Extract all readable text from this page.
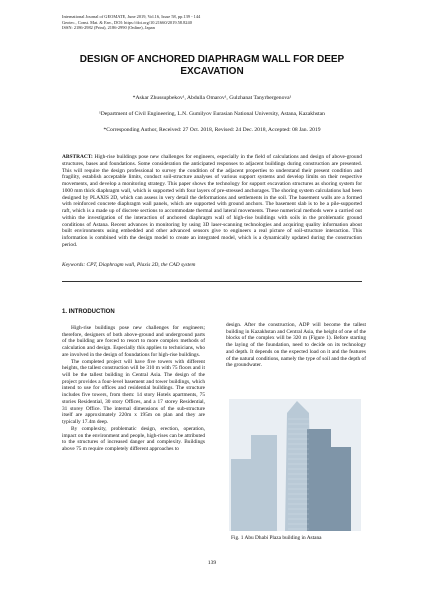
International Journal of GEOMATE, June 2019, Vol.16, Issue 58, pp.139 - 144
Geotec., Const. Mat. & Env., DOI: https://doi.org/10.21660/2019.58.8240
ISSN: 2186-2982 (Print), 2186-2990 (Online), Japan
DESIGN OF ANCHORED DIAPHRAGM WALL FOR DEEP EXCAVATION
*Askar Zhussupbekov¹, Abdulla Omarov¹, Gulzhanat Tanyrbergenova¹
¹Department of Civil Engineering, L.N. Gumilyov Eurasian National University, Astana, Kazakhstan
*Corresponding Author, Received: 27 Oct. 2018, Revised: 24 Dec. 2018, Accepted: 08 Jan. 2019
ABSTRACT: High-rise buildings pose new challenges for engineers, especially in the field of calculations and design of above-ground structures, bases and foundations. Some consideration the anticipated responses to adjacent buildings during construction are presented. This will require the design professional to survey the condition of the adjacent properties to understand their present condition and fragility, establish acceptable limits, conduct soil-structure analyses of various support systems and develop limits on their respective movements, and develop a monitoring strategy. This paper shows the technology for support excavation structures as shoring system for 1000 mm thick diaphragm wall, which is supported with four layers of pre-stressed anchorages. The shoring system calculations had been designed by PLAXIS 2D, which can assess in very detail the deformations and settlements in the soil. The basement walls are a formed with reinforced concrete diaphragm wall panels, which are supported with ground anchors. The basement slab is to be a pile-supported raft, which is a made up of discrete sections to accommodate thermal and lateral movements. These numerical methods were a carried out within the investigation of the interaction of anchored diaphragm wall of high-rise buildings with soils in the problematic ground conditions of Astana. Recent advances in monitoring by using 3D laser-scanning technologies and acquiring quality information about built environments using embedded and other advanced sensors give to engineers a real picture of soil-structure interaction. This information is combined with the design model to create an integrated model, which is a dynamically updated during the construction period.
Keywords: CPT, Diaphragm wall, Plaxis 2D, the CAD system
1. INTRODUCTION

High-rise buildings pose new challenges for engineers; therefore, designers of both above-ground and underground parts of the building are forced to resort to more complex methods of calculation and design. Especially this applies to technicians, who are involved in the design of foundations for high-rise buildings.

The completed project will have five towers with different heights, the tallest construction will be 310 m with 75 floors and it will be the tallest building in Central Asia. The design of the project provides a four-level basement and tower buildings, which intend to use for offices and residential buildings. The structure includes five towers, from them: 14 story Hotels apartments, 75 stories Residential, 30 story Offices, and a 17 storey Residential, 31 storey Office. The internal dimensions of the sub-structure itself are approximately 220m x 195m on plan and they are typically 17.4m deep.

By complexity, problematic design, erection, operation, impact on the environment and people, high-rises can be attributed to the structures of increased danger and complexity. Buildings above 75 m require completely different approaches to

design. After the construction, ADP will become the tallest building in Kazakhstan and Central Asia, the height of one of the blocks of the complex will be 320 m (Figure 1). Before starting the laying of the foundation, need to decide on its technology and depth. It depends on the expected load on it and the features of the natural conditions, namely the type of soil and the depth of the groundwater.
Fig. 1 Abu Dhabi Plaza building in Astana
139
